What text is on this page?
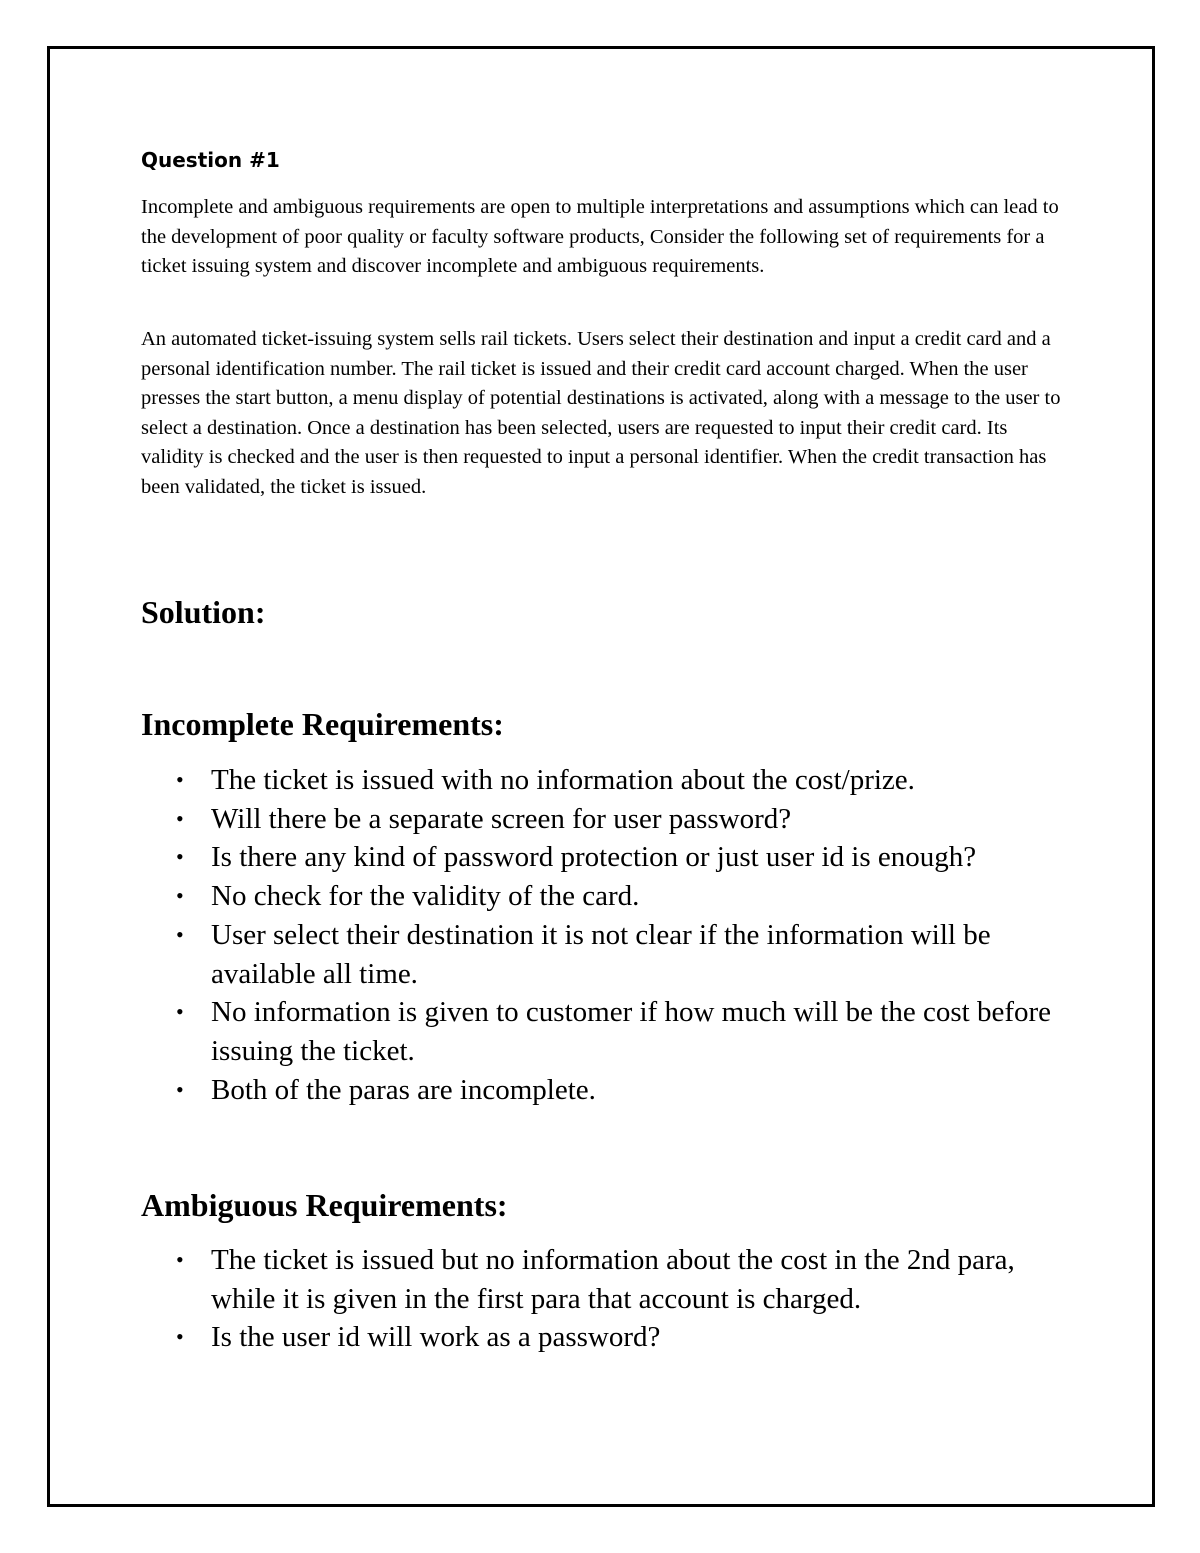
Question #1

Incomplete and ambiguous requirements are open to multiple interpretations and assumptions which can lead to the development of poor quality or faculty software products, Consider the following set of requirements for a ticket issuing system and discover incomplete and ambiguous requirements.

An automated ticket-issuing system sells rail tickets. Users select their destination and input a credit card and a personal identification number. The rail ticket is issued and their credit card account charged. When the user presses the start button, a menu display of potential destinations is activated, along with a message to the user to select a destination. Once a destination has been selected, users are requested to input their credit card. Its validity is checked and the user is then requested to input a personal identifier. When the credit transaction has been validated, the ticket is issued.

Solution:
Incomplete Requirements:
• The ticket is issued with no information about the cost/prize.
• Will there be a separate screen for user password?
• Is there any kind of password protection or just user id is enough?
• No check for the validity of the card.
• User select their destination it is not clear if the information will be available all time.
• No information is given to customer if how much will be the cost before issuing the ticket.
• Both of the paras are incomplete.
Ambiguous Requirements:
• The ticket is issued but no information about the cost in the 2nd para, while it is given in the first para that account is charged.
• Is the user id will work as a password?
